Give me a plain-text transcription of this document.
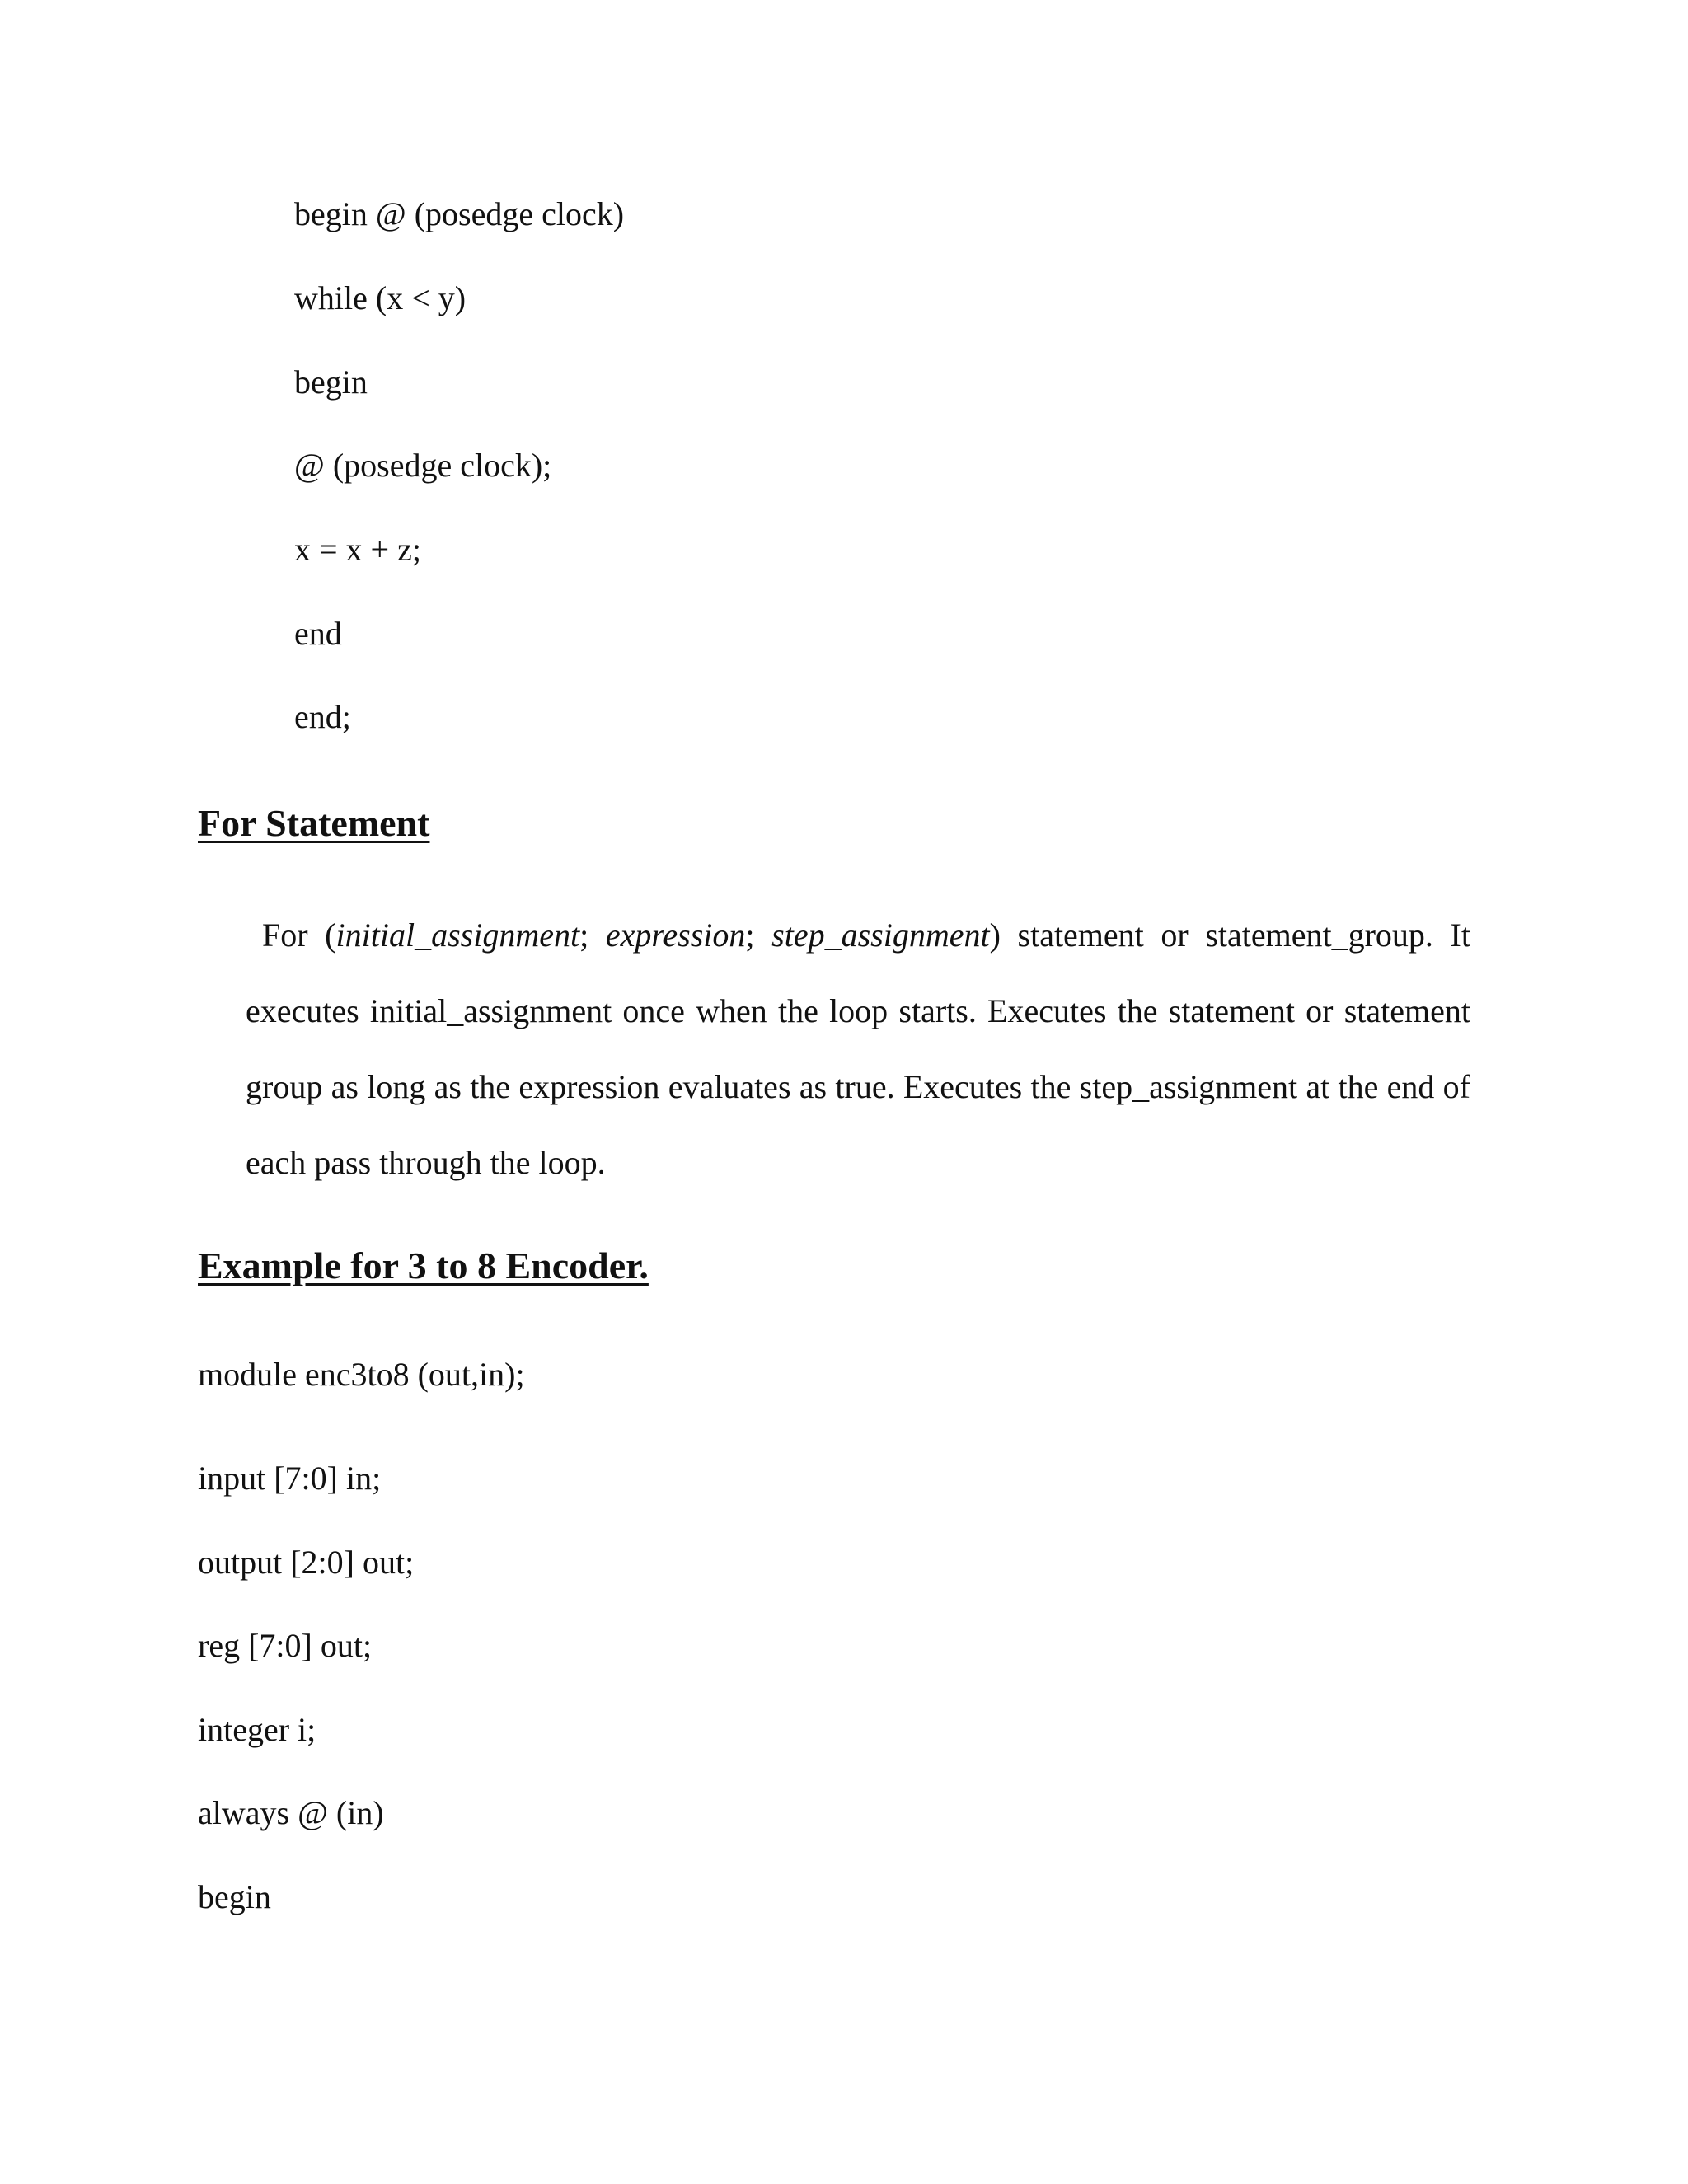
begin @ (posedge clock)
while (x < y)
begin
@ (posedge clock);
x = x + z;
end
end;
For Statement
For (initial_assignment; expression; step_assignment) statement or statement_group. It executes initial_assignment once when the loop starts. Executes the statement or statement group as long as the expression evaluates as true. Executes the step_assignment at the end of each pass through the loop.
Example for 3 to 8 Encoder.
module enc3to8 (out,in);
input [7:0] in;
output [2:0] out;
reg [7:0] out;
integer i;
always @ (in)
begin
